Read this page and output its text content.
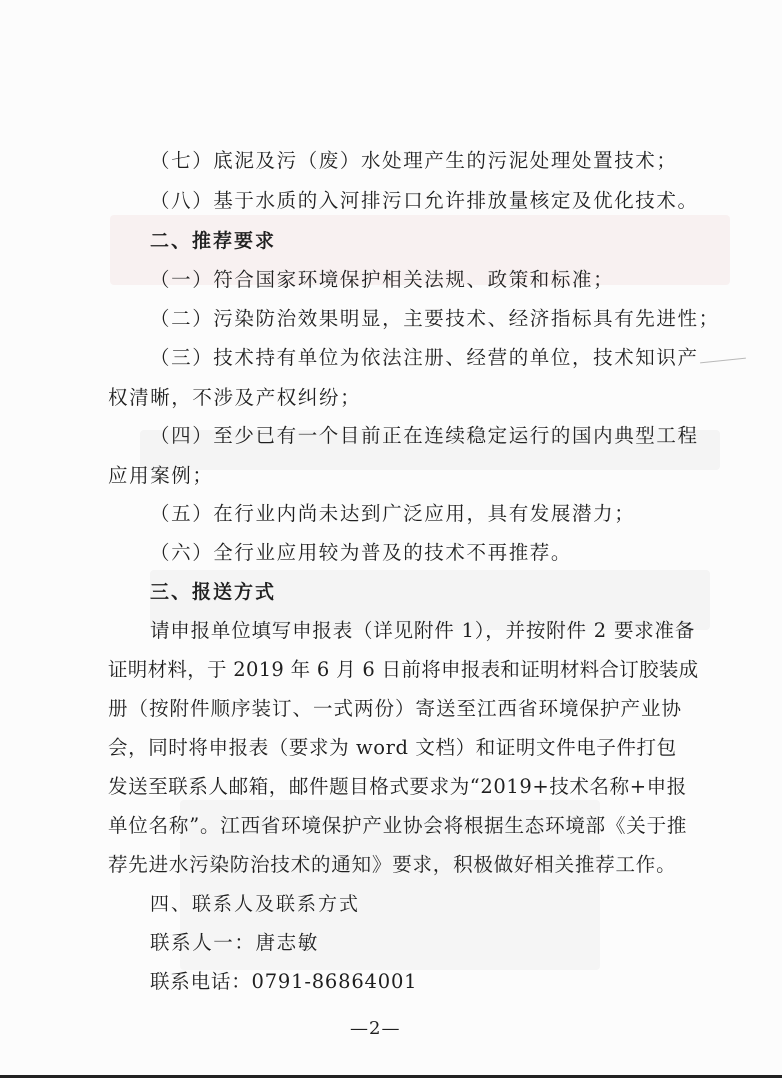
（七）底泥及污（废）水处理产生的污泥处理处置技术；
（八）基于水质的入河排污口允许排放量核定及优化技术。
二、推荐要求
（一）符合国家环境保护相关法规、政策和标准；
（二）污染防治效果明显，主要技术、经济指标具有先进性；
（三）技术持有单位为依法注册、经营的单位，技术知识产
权清晰，不涉及产权纠纷；
（四）至少已有一个目前正在连续稳定运行的国内典型工程
应用案例；
（五）在行业内尚未达到广泛应用，具有发展潜力；
（六）全行业应用较为普及的技术不再推荐。
三、报送方式
请申报单位填写申报表（详见附件 1），并按附件 2 要求准备
证明材料，于 2019 年 6 月 6 日前将申报表和证明材料合订胶装成
册（按附件顺序装订、一式两份）寄送至江西省环境保护产业协
会，同时将申报表（要求为 word 文档）和证明文件电子件打包
发送至联系人邮箱，邮件题目格式要求为“2019+技术名称+申报
单位名称”。江西省环境保护产业协会将根据生态环境部《关于推
荐先进水污染防治技术的通知》要求，积极做好相关推荐工作。
四、联系人及联系方式
联系人一：唐志敏
联系电话：0791-86864001
—2—
